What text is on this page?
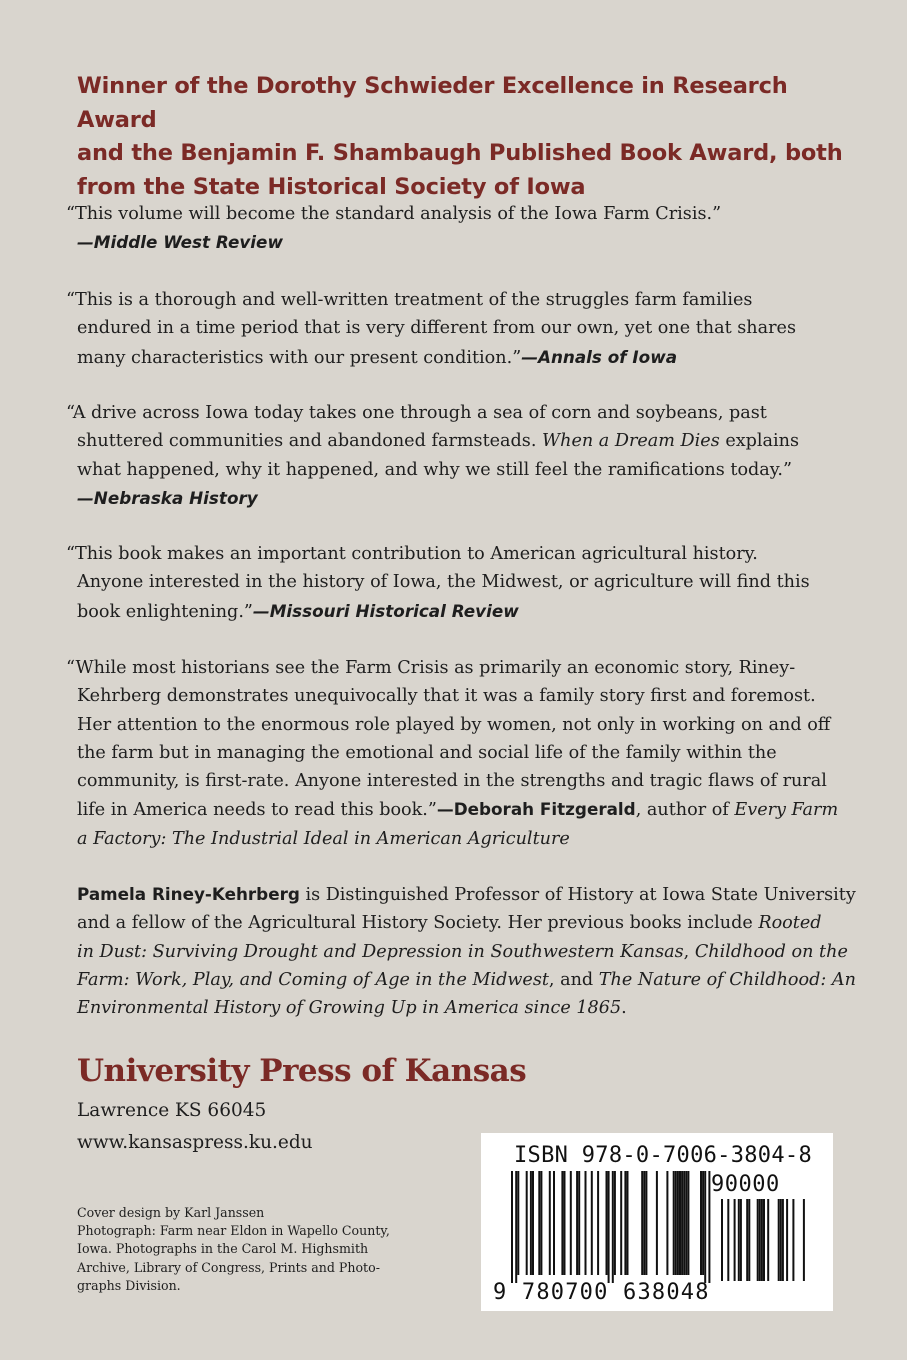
Winner of the Dorothy Schwieder Excellence in Research Award
and the Benjamin F. Shambaugh Published Book Award, both
from the State Historical Society of Iowa
“This volume will become the standard analysis of the Iowa Farm Crisis.”
—Middle West Review
“This is a thorough and well-written treatment of the struggles farm families
endured in a time period that is very different from our own, yet one that shares
many characteristics with our present condition.”—Annals of Iowa
“A drive across Iowa today takes one through a sea of corn and soybeans, past
shuttered communities and abandoned farmsteads. When a Dream Dies explains
what happened, why it happened, and why we still feel the ramifications today.”
—Nebraska History
“This book makes an important contribution to American agricultural history.
Anyone interested in the history of Iowa, the Midwest, or agriculture will find this
book enlightening.”—Missouri Historical Review
“While most historians see the Farm Crisis as primarily an economic story, Riney-
Kehrberg demonstrates unequivocally that it was a family story first and foremost.
Her attention to the enormous role played by women, not only in working on and off
the farm but in managing the emotional and social life of the family within the
community, is first-rate. Anyone interested in the strengths and tragic flaws of rural
life in America needs to read this book.”—Deborah Fitzgerald, author of Every Farm
a Factory: The Industrial Ideal in American Agriculture
Pamela Riney-Kehrberg is Distinguished Professor of History at Iowa State University
and a fellow of the Agricultural History Society. Her previous books include Rooted
in Dust: Surviving Drought and Depression in Southwestern Kansas, Childhood on the
Farm: Work, Play, and Coming of Age in the Midwest, and The Nature of Childhood: An
Environmental History of Growing Up in America since 1865.
University Press of Kansas
Lawrence KS 66045
www.kansaspress.ku.edu
Cover design by Karl Janssen
Photograph: Farm near Eldon in Wapello County,
Iowa. Photographs in the Carol M. Highsmith
Archive, Library of Congress, Prints and Photo-
graphs Division.
ISBN 978-0-7006-3804-8
90000
9 780700 638048
